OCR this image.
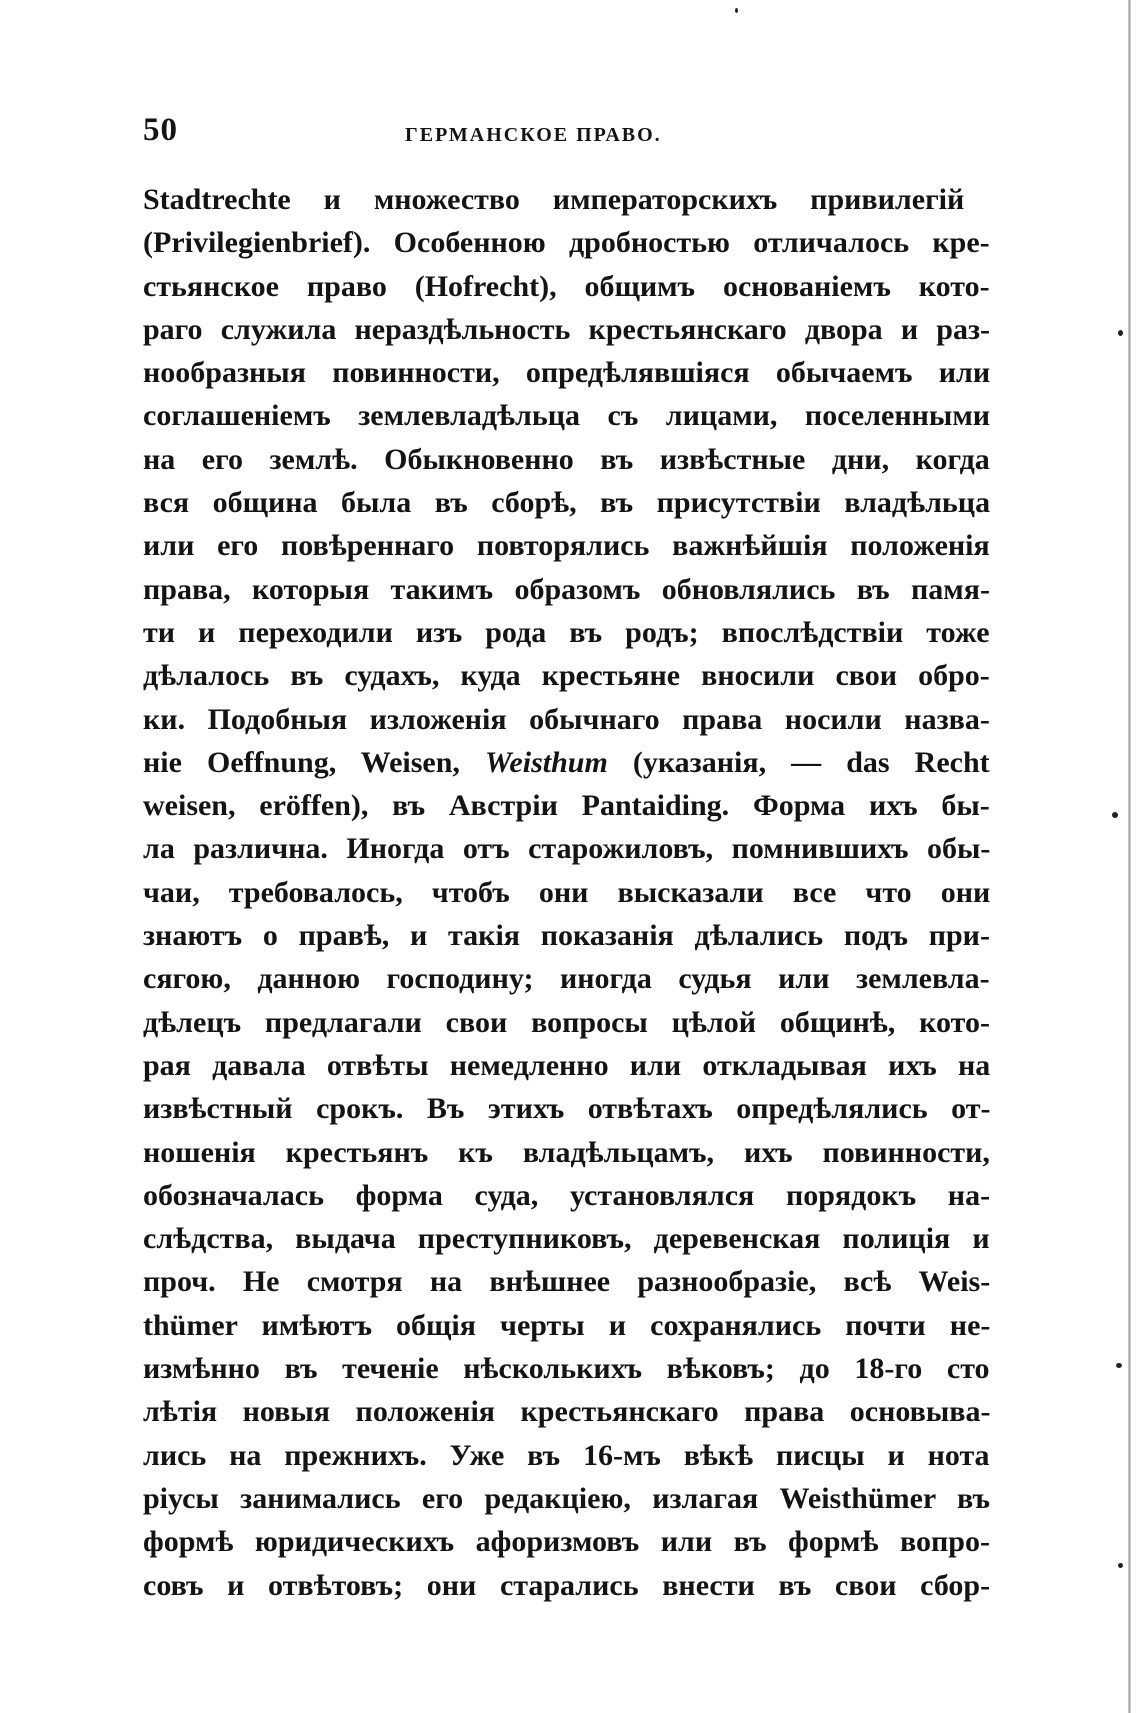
50	ГЕРМАНСКОЕ ПРАВО.
Stadtrechte и множество императорскихъ привилегій
(Privilegienbrief). Особенною дробностью отличалось кре-
стьянское право (Hofrecht), общимъ основаніемъ кото-
раго служила нераздѣльность крестьянскаго двора и раз-
нообразныя повинности, опредѣлявшіяся обычаемъ или
соглашеніемъ землевладѣльца съ лицами, поселенными
на его землѣ. Обыкновенно въ извѣстные дни, когда
вся община была въ сборѣ, въ присутствіи владѣльца
или его повѣреннаго повторялись важнѣйшія положенія
права, которыя такимъ образомъ обновлялись въ памя-
ти и переходили изъ рода въ родъ; впослѣдствіи тоже
дѣлалось въ судахъ, куда крестьяне вносили свои обро-
ки. Подобныя изложенія обычнаго права носили назва-
ніе Oeffnung, Weisen, Weisthum (указанія, — das Recht
weisen, eröffen), въ Австріи Pantaiding. Форма ихъ бы-
ла различна. Иногда отъ старожиловъ, помнившихъ обы-
чаи, требовалось, чтобъ они высказали все что они
знаютъ о правѣ, и такія показанія дѣлались подъ при-
сягою, данною господину; иногда судья или землевла-
дѣлецъ предлагали свои вопросы цѣлой общинѣ, кото-
рая давала отвѣты немедленно или откладывая ихъ на
извѣстный срокъ. Въ этихъ отвѣтахъ опредѣлялись от-
ношенія крестьянъ къ владѣльцамъ, ихъ повинности,
обозначалась форма суда, установлялся порядокъ на-
слѣдства, выдача преступниковъ, деревенская полиція и
проч. Не смотря на внѣшнее разнообразіе, всѣ Weis-
thümer имѣютъ общія черты и сохранялись почти не-
измѣнно въ теченіе нѣсколькихъ вѣковъ; до 18-го сто
лѣтія новыя положенія крестьянскаго права основыва-
лись на прежнихъ. Уже въ 16-мъ вѣкѣ писцы и нота
ріусы занимались его редакціею, излагая Weisthümer въ
формѣ юридическихъ афоризмовъ или въ формѣ вопро-
совъ и отвѣтовъ; они старались внести въ свои сбор-
